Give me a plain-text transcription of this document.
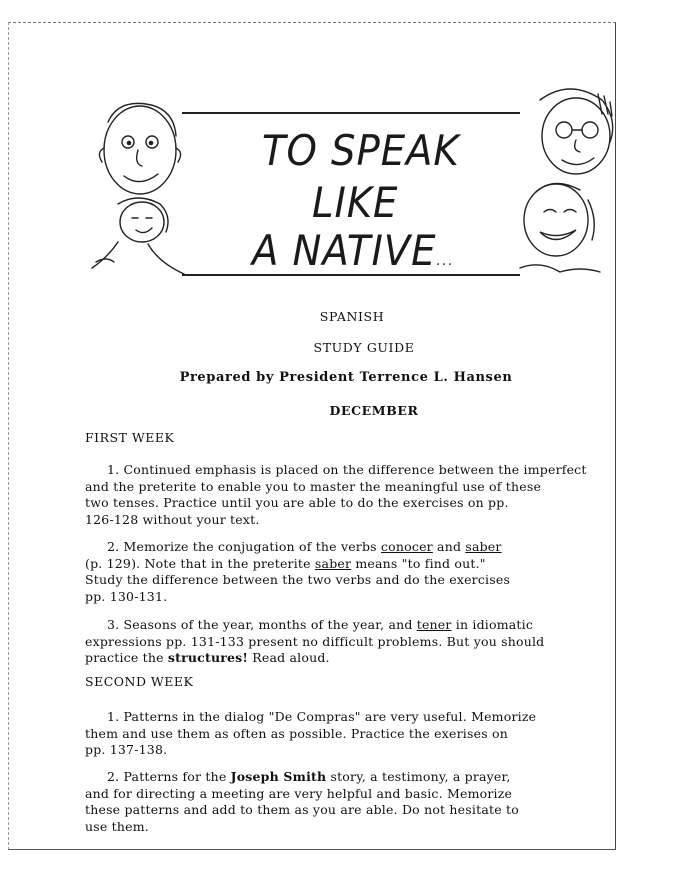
TO SPEAK
LIKE
A NATIVE...
SPANISH
STUDY GUIDE
Prepared by President Terrence L. Hansen
DECEMBER
FIRST WEEK

1. Continued emphasis is placed on the difference between the imperfect
and the preterite to enable you to master the meaningful use of these
two tenses. Practice until you are able to do the exercises on pp.
126-128 without your text.

2. Memorize the conjugation of the verbs conocer and saber
(p. 129). Note that in the preterite saber means "to find out."
Study the difference between the two verbs and do the exercises
pp. 130-131.

3. Seasons of the year, months of the year, and tener in idiomatic
expressions pp. 131-133 present no difficult problems. But you should
practice the structures! Read aloud.

SECOND WEEK

1. Patterns in the dialog "De Compras" are very useful. Memorize
them and use them as often as possible. Practice the exerises on
pp. 137-138.

2. Patterns for the Joseph Smith story, a testimony, a prayer,
and for directing a meeting are very helpful and basic. Memorize
these patterns and add to them as you are able. Do not hesitate to
use them.
